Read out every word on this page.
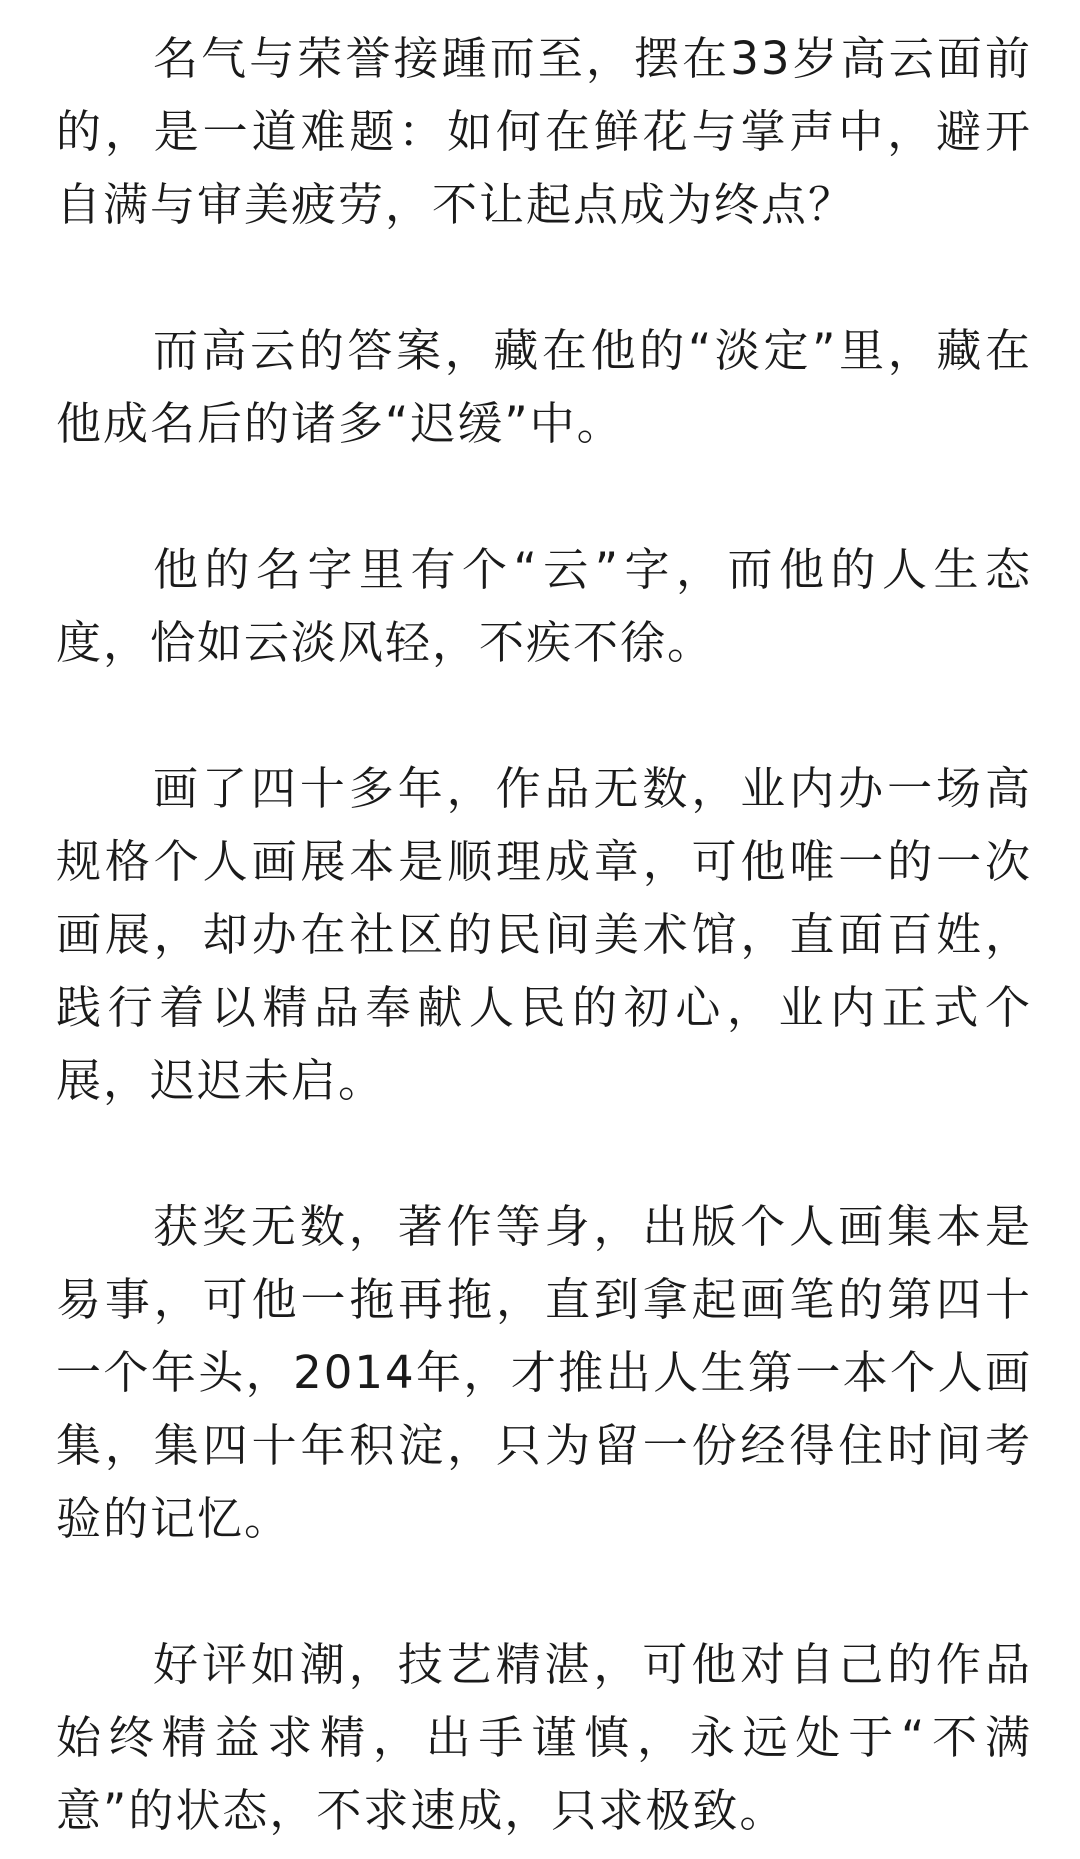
名气与荣誉接踵而至，摆在33岁高云面前的，是一道难题：如何在鲜花与掌声中，避开自满与审美疲劳，不让起点成为终点？

而高云的答案，藏在他的“淡定”里，藏在他成名后的诸多“迟缓”中。

他的名字里有个“云”字，而他的人生态度，恰如云淡风轻，不疾不徐。

画了四十多年，作品无数，业内办一场高规格个人画展本是顺理成章，可他唯一的一次画展，却办在社区的民间美术馆，直面百姓，践行着以精品奉献人民的初心，业内正式个展，迟迟未启。

获奖无数，著作等身，出版个人画集本是易事，可他一拖再拖，直到拿起画笔的第四十一个年头，2014年，才推出人生第一本个人画集，集四十年积淀，只为留一份经得住时间考验的记忆。

好评如潮，技艺精湛，可他对自己的作品始终精益求精，出手谨慎，永远处于“不满意”的状态，不求速成，只求极致。
